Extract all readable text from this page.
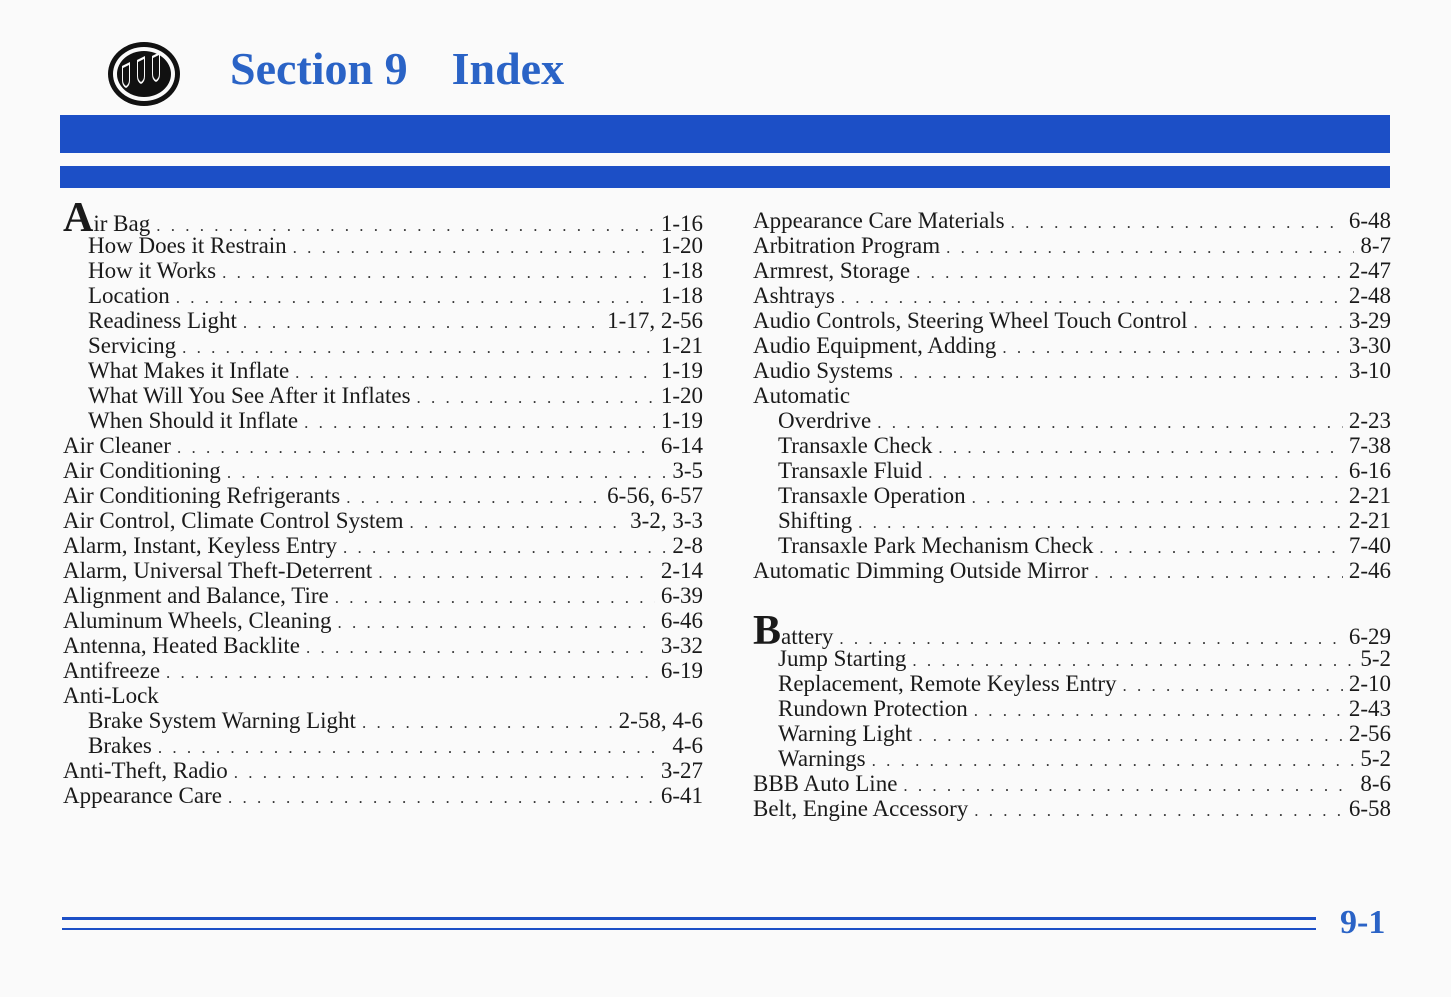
Section 9 Index
Air Bag . . .	1-16
How Does it Restrain . . .	1-20
How it Works . . .	1-18
Location . . .	1-18
Readiness Light . . .	1-17, 2-56
Servicing . . .	1-21
What Makes it Inflate . . .	1-19
What Will You See After it Inflates . . .	1-20
When Should it Inflate . . .	1-19
Air Cleaner . . .	6-14
Air Conditioning . . .	3-5
Air Conditioning Refrigerants . . .	6-56, 6-57
Air Control, Climate Control System . . .	3-2, 3-3
Alarm, Instant, Keyless Entry . . .	2-8
Alarm, Universal Theft-Deterrent . . .	2-14
Alignment and Balance, Tire . . .	6-39
Aluminum Wheels, Cleaning . . .	6-46
Antenna, Heated Backlite . . .	3-32
Antifreeze . . .	6-19
Anti-Lock
Brake System Warning Light . . .	2-58, 4-6
Brakes . . .	4-6
Anti-Theft, Radio . . .	3-27
Appearance Care . . .	6-41
Appearance Care Materials . . .	6-48
Arbitration Program . . .	8-7
Armrest, Storage . . .	2-47
Ashtrays . . .	2-48
Audio Controls, Steering Wheel Touch Control . . .	3-29
Audio Equipment, Adding . . .	3-30
Audio Systems . . .	3-10
Automatic
Overdrive . . .	2-23
Transaxle Check . . .	7-38
Transaxle Fluid . . .	6-16
Transaxle Operation . . .	2-21
Shifting . . .	2-21
Transaxle Park Mechanism Check . . .	7-40
Automatic Dimming Outside Mirror . . .	2-46
Battery . . .	6-29
Jump Starting . . .	5-2
Replacement, Remote Keyless Entry . . .	2-10
Rundown Protection . . .	2-43
Warning Light . . .	2-56
Warnings . . .	5-2
BBB Auto Line . . .	8-6
Belt, Engine Accessory . . .	6-58
9-1
